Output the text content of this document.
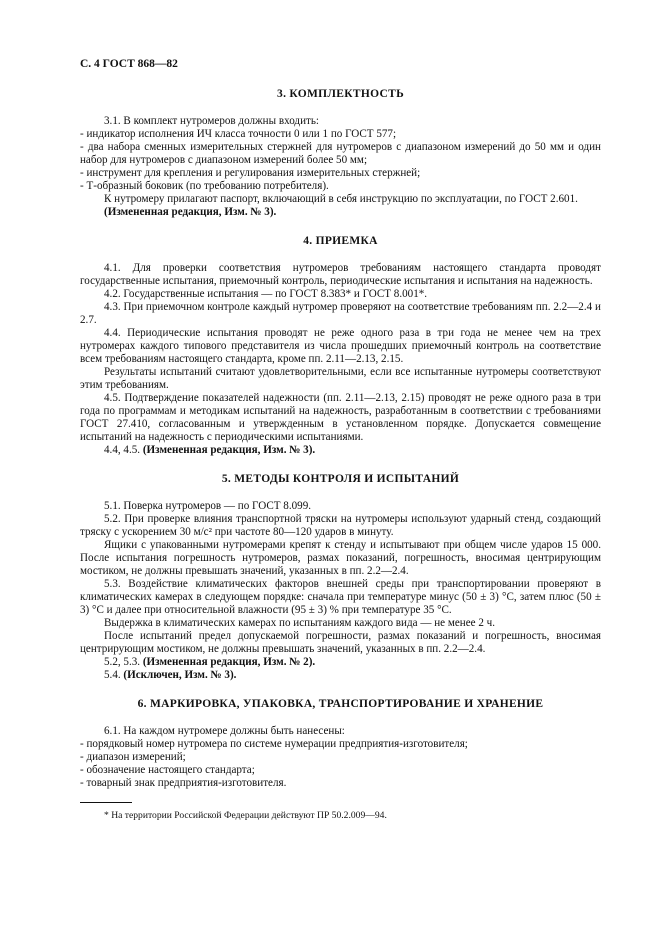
С. 4 ГОСТ 868—82
3. КОМПЛЕКТНОСТЬ

3.1. В комплект нутромеров должны входить:

- индикатор исполнения ИЧ класса точности 0 или 1 по ГОСТ 577;

- два набора сменных измерительных стержней для нутромеров с диапазоном измерений до 50 мм и один набор для нутромеров с диапазоном измерений более 50 мм;

- инструмент для крепления и регулирования измерительных стержней;

- Т-образный боковик (по требованию потребителя).

К нутромеру прилагают паспорт, включающий в себя инструкцию по эксплуатации, по ГОСТ 2.601.

(Измененная редакция, Изм. № 3).

4. ПРИЕМКА

4.1. Для проверки соответствия нутромеров требованиям настоящего стандарта проводят государственные испытания, приемочный контроль, периодические испытания и испытания на надежность.

4.2. Государственные испытания — по ГОСТ 8.383* и ГОСТ 8.001*.

4.3. При приемочном контроле каждый нутромер проверяют на соответствие требованиям пп. 2.2—2.4 и 2.7.

4.4. Периодические испытания проводят не реже одного раза в три года не менее чем на трех нутромерах каждого типового представителя из числа прошедших приемочный контроль на соответствие всем требованиям настоящего стандарта, кроме пп. 2.11—2.13, 2.15.

Результаты испытаний считают удовлетворительными, если все испытанные нутромеры соответствуют этим требованиям.

4.5. Подтверждение показателей надежности (пп. 2.11—2.13, 2.15) проводят не реже одного раза в три года по программам и методикам испытаний на надежность, разработанным в соответствии с требованиями ГОСТ 27.410, согласованным и утвержденным в установленном порядке. Допускается совмещение испытаний на надежность с периодическими испытаниями.

4.4, 4.5. (Измененная редакция, Изм. № 3).

5. МЕТОДЫ КОНТРОЛЯ И ИСПЫТАНИЙ

5.1. Поверка нутромеров — по ГОСТ 8.099.

5.2. При проверке влияния транспортной тряски на нутромеры используют ударный стенд, создающий тряску с ускорением 30 м/с² при частоте 80—120 ударов в минуту.

Ящики с упакованными нутромерами крепят к стенду и испытывают при общем числе ударов 15 000. После испытания погрешность нутромеров, размах показаний, погрешность, вносимая центрирующим мостиком, не должны превышать значений, указанных в пп. 2.2—2.4.

5.3. Воздействие климатических факторов внешней среды при транспортировании проверяют в климатических камерах в следующем порядке: сначала при температуре минус (50 ± 3) °С, затем плюс (50 ± 3) °С и далее при относительной влажности (95 ± 3) % при температуре 35 °С.

Выдержка в климатических камерах по испытаниям каждого вида — не менее 2 ч.

После испытаний предел допускаемой погрешности, размах показаний и погрешность, вносимая центрирующим мостиком, не должны превышать значений, указанных в пп. 2.2—2.4.

5.2, 5.3. (Измененная редакция, Изм. № 2).

5.4. (Исключен, Изм. № 3).

6. МАРКИРОВКА, УПАКОВКА, ТРАНСПОРТИРОВАНИЕ И ХРАНЕНИЕ

6.1. На каждом нутромере должны быть нанесены:

- порядковый номер нутромера по системе нумерации предприятия-изготовителя;

- диапазон измерений;

- обозначение настоящего стандарта;

- товарный знак предприятия-изготовителя.

* На территории Российской Федерации действуют ПР 50.2.009—94.
